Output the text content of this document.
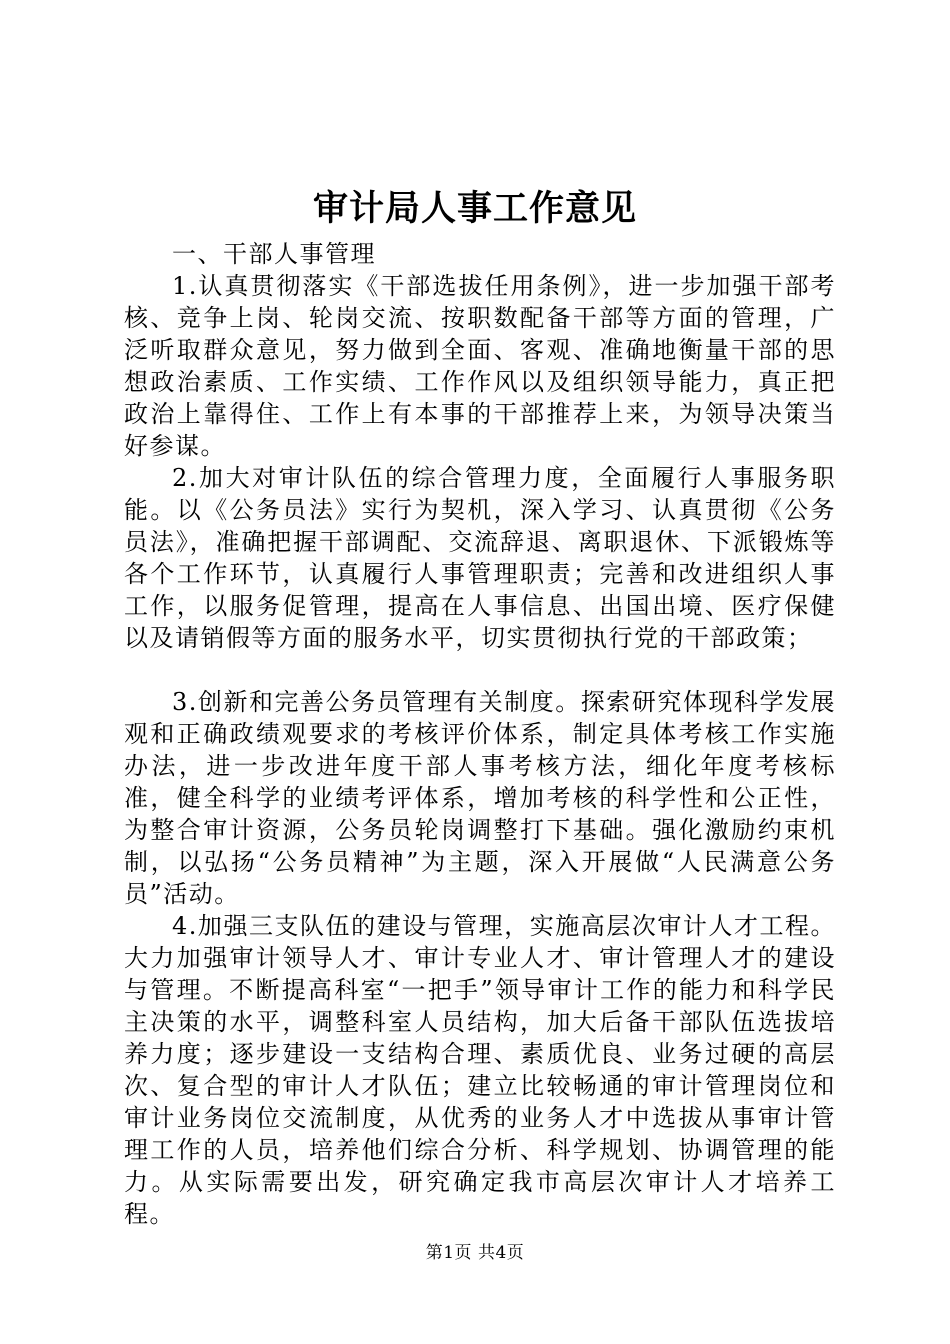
审计局人事工作意见

一、干部人事管理

1.认真贯彻落实《干部选拔任用条例》，进一步加强干部考核、竞争上岗、轮岗交流、按职数配备干部等方面的管理，广泛听取群众意见，努力做到全面、客观、准确地衡量干部的思想政治素质、工作实绩、工作作风以及组织领导能力，真正把政治上靠得住、工作上有本事的干部推荐上来，为领导决策当好参谋。

2.加大对审计队伍的综合管理力度，全面履行人事服务职能。以《公务员法》实行为契机，深入学习、认真贯彻《公务员法》，准确把握干部调配、交流辞退、离职退休、下派锻炼等各个工作环节，认真履行人事管理职责；完善和改进组织人事工作，以服务促管理，提高在人事信息、出国出境、医疗保健以及请销假等方面的服务水平，切实贯彻执行党的干部政策；

3.创新和完善公务员管理有关制度。探索研究体现科学发展观和正确政绩观要求的考核评价体系，制定具体考核工作实施办法，进一步改进年度干部人事考核方法，细化年度考核标准，健全科学的业绩考评体系，增加考核的科学性和公正性，为整合审计资源，公务员轮岗调整打下基础。强化激励约束机制，以弘扬“公务员精神”为主题，深入开展做“人民满意公务员”活动。

4.加强三支队伍的建设与管理，实施高层次审计人才工程。大力加强审计领导人才、审计专业人才、审计管理人才的建设与管理。不断提高科室“一把手”领导审计工作的能力和科学民主决策的水平，调整科室人员结构，加大后备干部队伍选拔培养力度；逐步建设一支结构合理、素质优良、业务过硬的高层次、复合型的审计人才队伍；建立比较畅通的审计管理岗位和审计业务岗位交流制度，从优秀的业务人才中选拔从事审计管理工作的人员，培养他们综合分析、科学规划、协调管理的能力。从实际需要出发，研究确定我市高层次审计人才培养工程。

第1页 共4页
